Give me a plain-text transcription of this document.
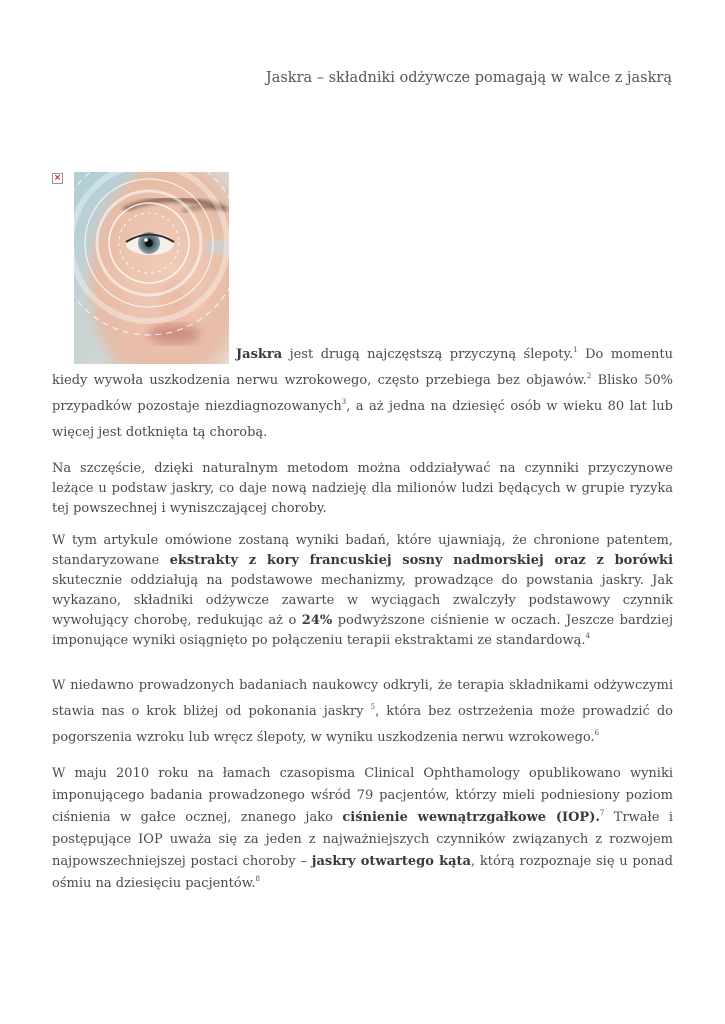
Jaskra – składniki odżywcze pomagają w walce z jaskrą
×

Jaskra jest drugą najczęstszą przyczyną ślepoty.$^1$ Do momentu kiedy wywoła uszkodzenia nerwu wzrokowego, często przebiega bez objawów.$^2$ Blisko 50% przypadków pozostaje niezdiagnozowanych$^3$, a aż jedna na dziesięć osób w wieku 80 lat lub więcej jest dotknięta tą chorobą.

Na szczęście, dzięki naturalnym metodom można oddziaływać na czynniki przyczynowe leżące u podstaw jaskry, co daje nową nadzieję dla milionów ludzi będących w grupie ryzyka tej powszechnej i wyniszczającej choroby.

W tym artykule omówione zostaną wyniki badań, które ujawniają, że chronione patentem, standaryzowane ekstrakty z kory francuskiej sosny nadmorskiej oraz z borówki skutecznie oddziałują na podstawowe mechanizmy, prowadzące do powstania jaskry. Jak wykazano, składniki odżywcze zawarte w wyciągach zwalczyły podstawowy czynnik wywołujący chorobę, redukując aż o 24% podwyższone ciśnienie w oczach. Jeszcze bardziej imponujące wyniki osiągnięto po połączeniu terapii ekstraktami ze standardową.$^4$

W niedawno prowadzonych badaniach naukowcy odkryli, że terapia składnikami odżywczymi stawia nas o krok bliżej od pokonania jaskry $^5$, która bez ostrzeżenia może prowadzić do pogorszenia wzroku lub wręcz ślepoty, w wyniku uszkodzenia nerwu wzrokowego.$^6$

W maju 2010 roku na łamach czasopisma Clinical Ophthamology opublikowano wyniki imponującego badania prowadzonego wśród 79 pacjentów, którzy mieli podniesiony poziom ciśnienia w gałce ocznej, znanego jako ciśnienie wewnątrzgałkowe (IOP).$^7$ Trwałe i postępujące IOP uważa się za jeden z najważniejszych czynników związanych z rozwojem najpowszechniejszej postaci choroby – jaskry otwartego kąta, którą rozpoznaje się u ponad ośmiu na dziesięciu pacjentów.$^8$
